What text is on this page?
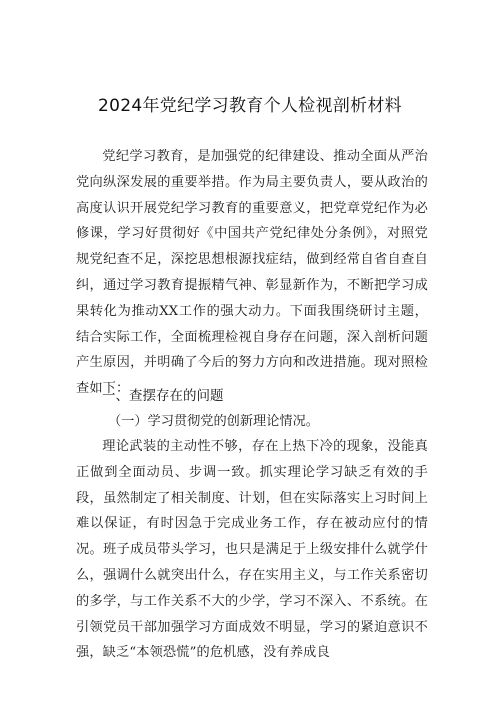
2024年党纪学习教育个人检视剖析材料

党纪学习教育，是加强党的纪律建设、推动全面从严治党向纵深发展的重要举措。作为局主要负责人，要从政治的高度认识开展党纪学习教育的重要意义，把党章党纪作为必修课，学习好贯彻好《中国共产党纪律处分条例》，对照党规党纪查不足，深挖思想根源找症结，做到经常自省自查自纠，通过学习教育提振精气神、彰显新作为，不断把学习成果转化为推动XX工作的强大动力。下面我围绕研讨主题，结合实际工作，全面梳理检视自身存在问题，深入剖析问题产生原因，并明确了今后的努力方向和改进措施。现对照检查如下：

一、查摆存在的问题
（一）学习贯彻党的创新理论情况。

理论武装的主动性不够，存在上热下冷的现象，没能真正做到全面动员、步调一致。抓实理论学习缺乏有效的手段，虽然制定了相关制度、计划，但在实际落实上习时间上难以保证，有时因急于完成业务工作，存在被动应付的情况。班子成员带头学习，也只是满足于上级安排什么就学什么，强调什么就突出什么，存在实用主义，与工作关系密切的多学，与工作关系不大的少学，学习不深入、不系统。在引领党员干部加强学习方面成效不明显，学习的紧迫意识不强，缺乏“本领恐慌”的危机感，没有养成良
